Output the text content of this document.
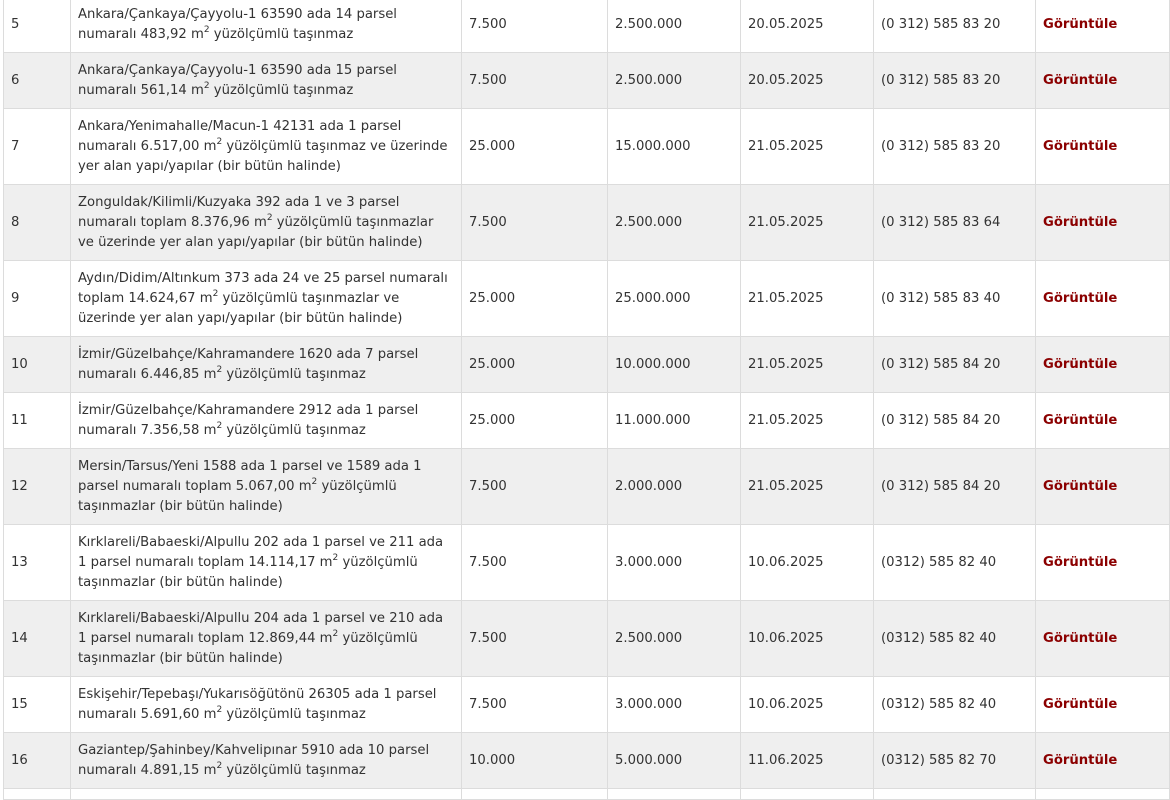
5	Ankara/Çankaya/Çayyolu-1 63590 ada 14 parsel numaralı 483,92 $m^2$ yüzölçümlü taşınmaz	7.500	2.500.000	20.05.2025	(0 312) 585 83 20	Görüntüle
6	Ankara/Çankaya/Çayyolu-1 63590 ada 15 parsel numaralı 561,14 $m^2$ yüzölçümlü taşınmaz	7.500	2.500.000	20.05.2025	(0 312) 585 83 20	Görüntüle
7	Ankara/Yenimahalle/Macun-1 42131 ada 1 parsel numaralı 6.517,00 $m^2$ yüzölçümlü taşınmaz ve üzerinde yer alan yapı/yapılar (bir bütün halinde)	25.000	15.000.000	21.05.2025	(0 312) 585 83 20	Görüntüle
8	Zonguldak/Kilimli/Kuzyaka 392 ada 1 ve 3 parsel numaralı toplam 8.376,96 $m^2$ yüzölçümlü taşınmazlar ve üzerinde yer alan yapı/yapılar (bir bütün halinde)	7.500	2.500.000	21.05.2025	(0 312) 585 83 64	Görüntüle
9	Aydın/Didim/Altınkum 373 ada 24 ve 25 parsel numaralı toplam 14.624,67 $m^2$ yüzölçümlü taşınmazlar ve üzerinde yer alan yapı/yapılar (bir bütün halinde)	25.000	25.000.000	21.05.2025	(0 312) 585 83 40	Görüntüle
10	İzmir/Güzelbahçe/Kahramandere 1620 ada 7 parsel numaralı 6.446,85 $m^2$ yüzölçümlü taşınmaz	25.000	10.000.000	21.05.2025	(0 312) 585 84 20	Görüntüle
11	İzmir/Güzelbahçe/Kahramandere 2912 ada 1 parsel numaralı 7.356,58 $m^2$ yüzölçümlü taşınmaz	25.000	11.000.000	21.05.2025	(0 312) 585 84 20	Görüntüle
12	Mersin/Tarsus/Yeni 1588 ada 1 parsel ve 1589 ada 1 parsel numaralı toplam 5.067,00 $m^2$ yüzölçümlü taşınmazlar (bir bütün halinde)	7.500	2.000.000	21.05.2025	(0 312) 585 84 20	Görüntüle
13	Kırklareli/Babaeski/Alpullu 202 ada 1 parsel ve 211 ada 1 parsel numaralı toplam 14.114,17 $m^2$ yüzölçümlü taşınmazlar (bir bütün halinde)	7.500	3.000.000	10.06.2025	(0312) 585 82 40	Görüntüle
14	Kırklareli/Babaeski/Alpullu 204 ada 1 parsel ve 210 ada 1 parsel numaralı toplam 12.869,44 $m^2$ yüzölçümlü taşınmazlar (bir bütün halinde)	7.500	2.500.000	10.06.2025	(0312) 585 82 40	Görüntüle
15	Eskişehir/Tepebaşı/Yukarısöğütönü 26305 ada 1 parsel numaralı 5.691,60 $m^2$ yüzölçümlü taşınmaz	7.500	3.000.000	10.06.2025	(0312) 585 82 40	Görüntüle
16	Gaziantep/Şahinbey/Kahvelipınar 5910 ada 10 parsel numaralı 4.891,15 $m^2$ yüzölçümlü taşınmaz	10.000	5.000.000	11.06.2025	(0312) 585 82 70	Görüntüle
